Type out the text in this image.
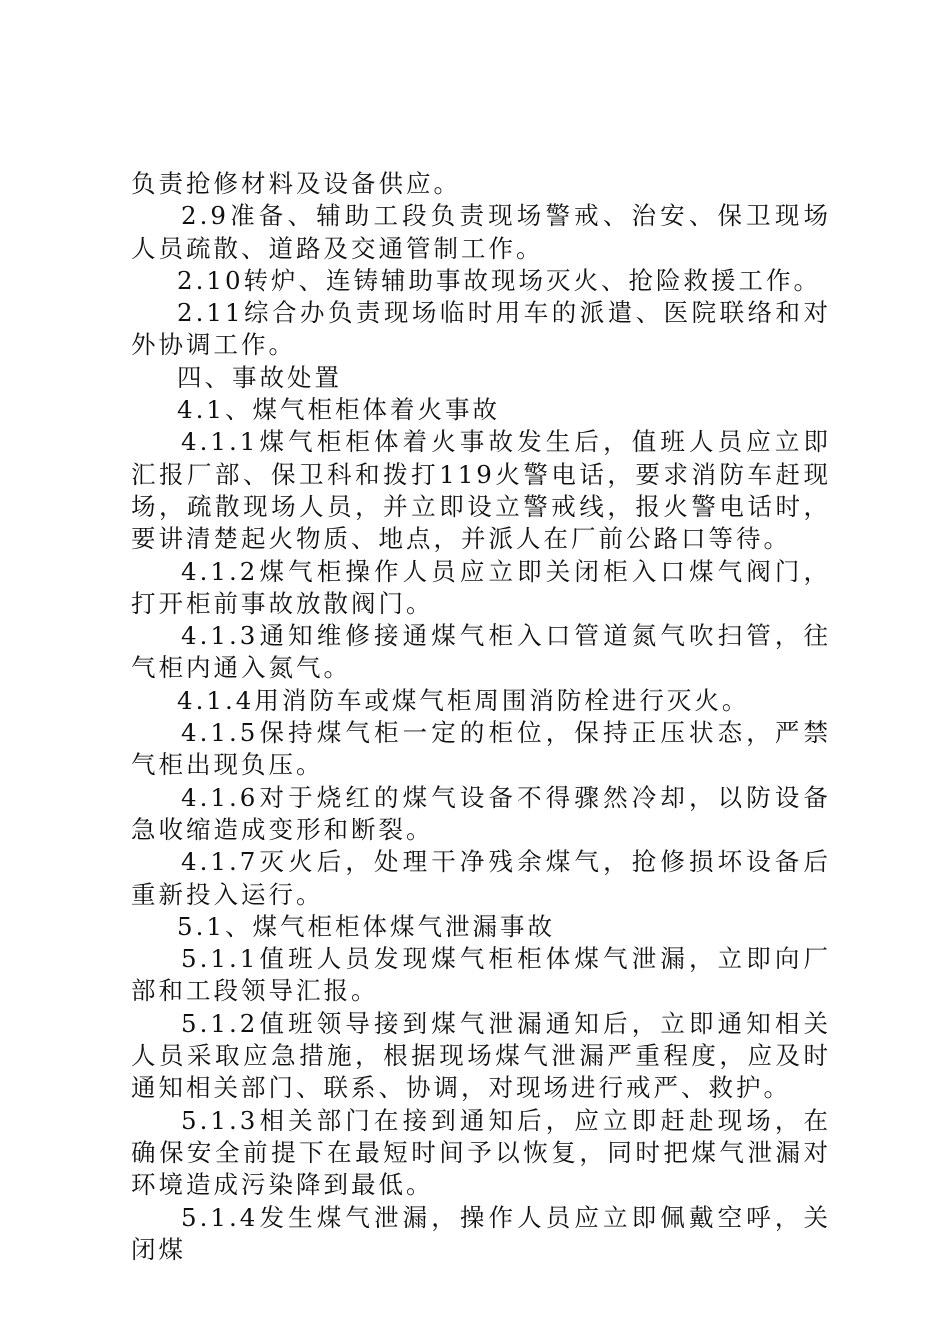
负责抢修材料及设备供应。

2.9准备、辅助工段负责现场警戒、治安、保卫现场人员疏散、道路及交通管制工作。

2.10转炉、连铸辅助事故现场灭火、抢险救援工作。

2.11综合办负责现场临时用车的派遣、医院联络和对外协调工作。

四、事故处置

4.1、煤气柜柜体着火事故

4.1.1煤气柜柜体着火事故发生后，值班人员应立即汇报厂部、保卫科和拨打119火警电话，要求消防车赶现场，疏散现场人员，并立即设立警戒线，报火警电话时，要讲清楚起火物质、地点，并派人在厂前公路口等待。

4.1.2煤气柜操作人员应立即关闭柜入口煤气阀门，打开柜前事故放散阀门。

4.1.3通知维修接通煤气柜入口管道氮气吹扫管，往气柜内通入氮气。

4.1.4用消防车或煤气柜周围消防栓进行灭火。

4.1.5保持煤气柜一定的柜位，保持正压状态，严禁气柜出现负压。

4.1.6对于烧红的煤气设备不得骤然冷却，以防设备急收缩造成变形和断裂。

4.1.7灭火后，处理干净残余煤气，抢修损坏设备后重新投入运行。

5.1、煤气柜柜体煤气泄漏事故

5.1.1值班人员发现煤气柜柜体煤气泄漏，立即向厂部和工段领导汇报。

5.1.2值班领导接到煤气泄漏通知后，立即通知相关人员采取应急措施，根据现场煤气泄漏严重程度，应及时通知相关部门、联系、协调，对现场进行戒严、救护。

5.1.3相关部门在接到通知后，应立即赶赴现场，在确保安全前提下在最短时间予以恢复，同时把煤气泄漏对环境造成污染降到最低。

5.1.4发生煤气泄漏，操作人员应立即佩戴空呼，关闭煤
